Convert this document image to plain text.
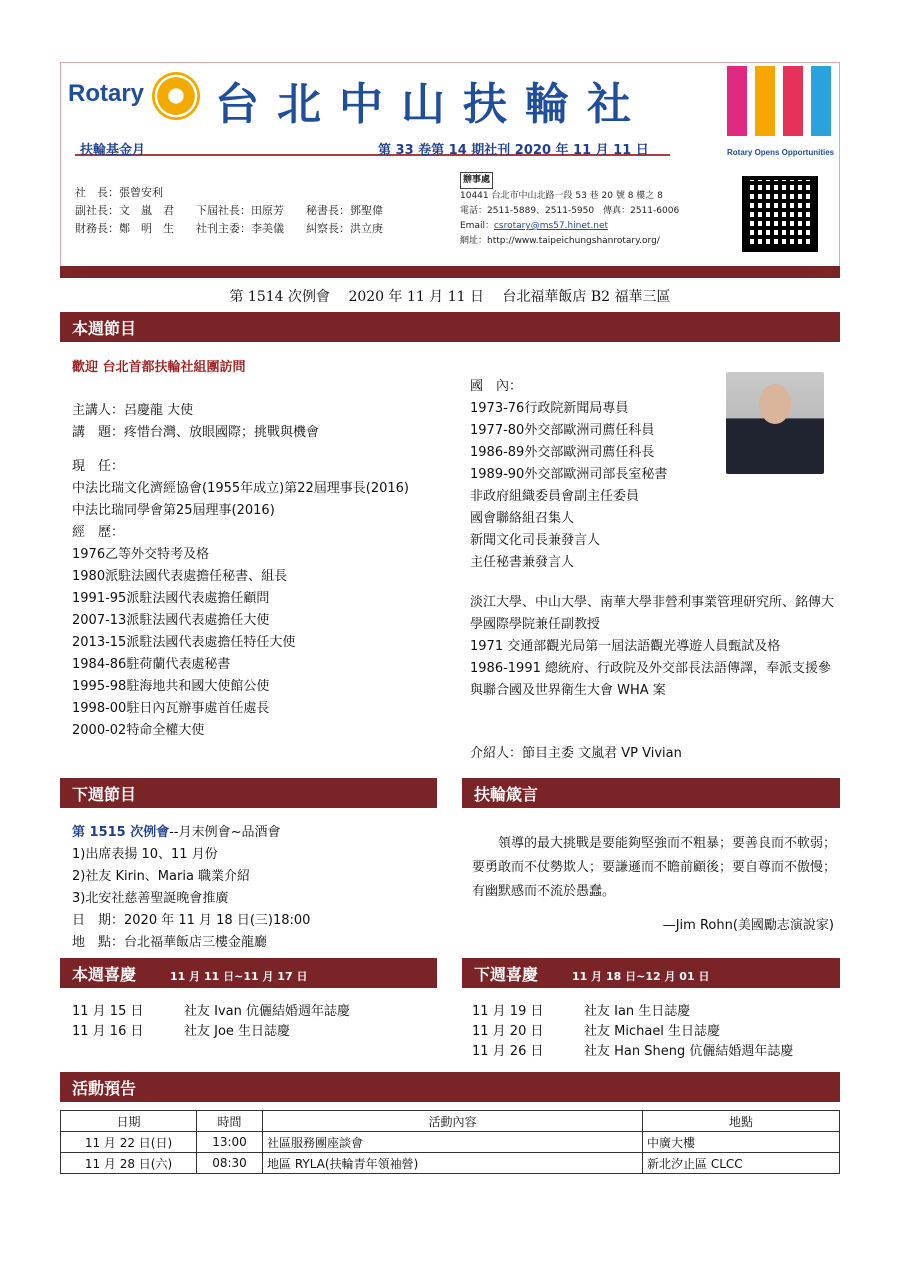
Rotary 台北中山扶輪社
Rotary Opens Opportunities
扶輪基金月	第 33 卷第 14 期社刊 2020 年 11 月 11 日
社　長：張曾安利
副社長：文　嵐　君　　下屆社長：田原芳　　秘書長：鄧聖偉
財務長：鄭　明　生　　社刊主委：李美儀　　糾察長：洪立庚
辦事處
10441 台北市中山北路一段 53 巷 20 號 8 樓之 8
電話：2511-5889、2511-5950　傳真：2511-6006
Email：csrotary@ms57.hinet.net
網址：http://www.taipeichungshanrotary.org/
第 1514 次例會　 2020 年 11 月 11 日　 台北福華飯店 B2 福華三區
本週節目
歡迎 台北首都扶輪社組團訪問
主講人：呂慶龍 大使
講　題：疼惜台灣、放眼國際；挑戰與機會
現　任：
中法比瑞文化濟經協會(1955年成立)第22屆理事長(2016)
中法比瑞同學會第25屆理事(2016)
經　歷：
1976乙等外交特考及格
1980派駐法國代表處擔任秘書、組長
1991-95派駐法國代表處擔任顧問
2007-13派駐法國代表處擔任大使
2013-15派駐法國代表處擔任特任大使
1984-86駐荷蘭代表處秘書
1995-98駐海地共和國大使館公使
1998-00駐日內瓦辦事處首任處長
2000-02特命全權大使
國　內：
1973-76行政院新聞局專員
1977-80外交部歐洲司薦任科員
1986-89外交部歐洲司薦任科長
1989-90外交部歐洲司部長室秘書
非政府組織委員會副主任委員
國會聯絡組召集人
新聞文化司長兼發言人
主任秘書兼發言人
淡江大學、中山大學、南華大學非營利事業管理研究所、銘傳大學國際學院兼任副教授
1971 交通部觀光局第一屆法語觀光導遊人員甄試及格
1986-1991 總統府、行政院及外交部長法語傳譯，奉派支援參與聯合國及世界衛生大會 WHA 案
介紹人：節目主委 文嵐君 VP Vivian
下週節目	扶輪箴言
第 1515 次例會--月末例會~品酒會
1)出席表揚 10、11 月份
2)社友 Kirin、Maria 職業介紹
3)北安社慈善聖誕晚會推廣
日　期：2020 年 11 月 18 日(三)18:00
地　點：台北福華飯店三樓金龍廳
領導的最大挑戰是要能夠堅強而不粗暴；要善良而不軟弱；要勇敢而不仗勢欺人；要謙遜而不瞻前顧後；要自尊而不傲慢；有幽默感而不流於愚蠢。
—Jim Rohn(美國勵志演說家)
本週喜慶	11 月 11 日~11 月 17 日	下週喜慶	11 月 18 日~12 月 01 日
11 月 15 日	社友 Ivan 伉儷結婚週年誌慶
11 月 16 日	社友 Joe 生日誌慶
11 月 19 日	社友 Ian 生日誌慶
11 月 20 日	社友 Michael 生日誌慶
11 月 26 日	社友 Han Sheng 伉儷結婚週年誌慶
活動預告
日期	時間	活動內容	地點
11 月 22 日(日)	13:00	社區服務團座談會	中廣大樓
11 月 28 日(六)	08:30	地區 RYLA(扶輪青年領袖營)	新北汐止區 CLCC
